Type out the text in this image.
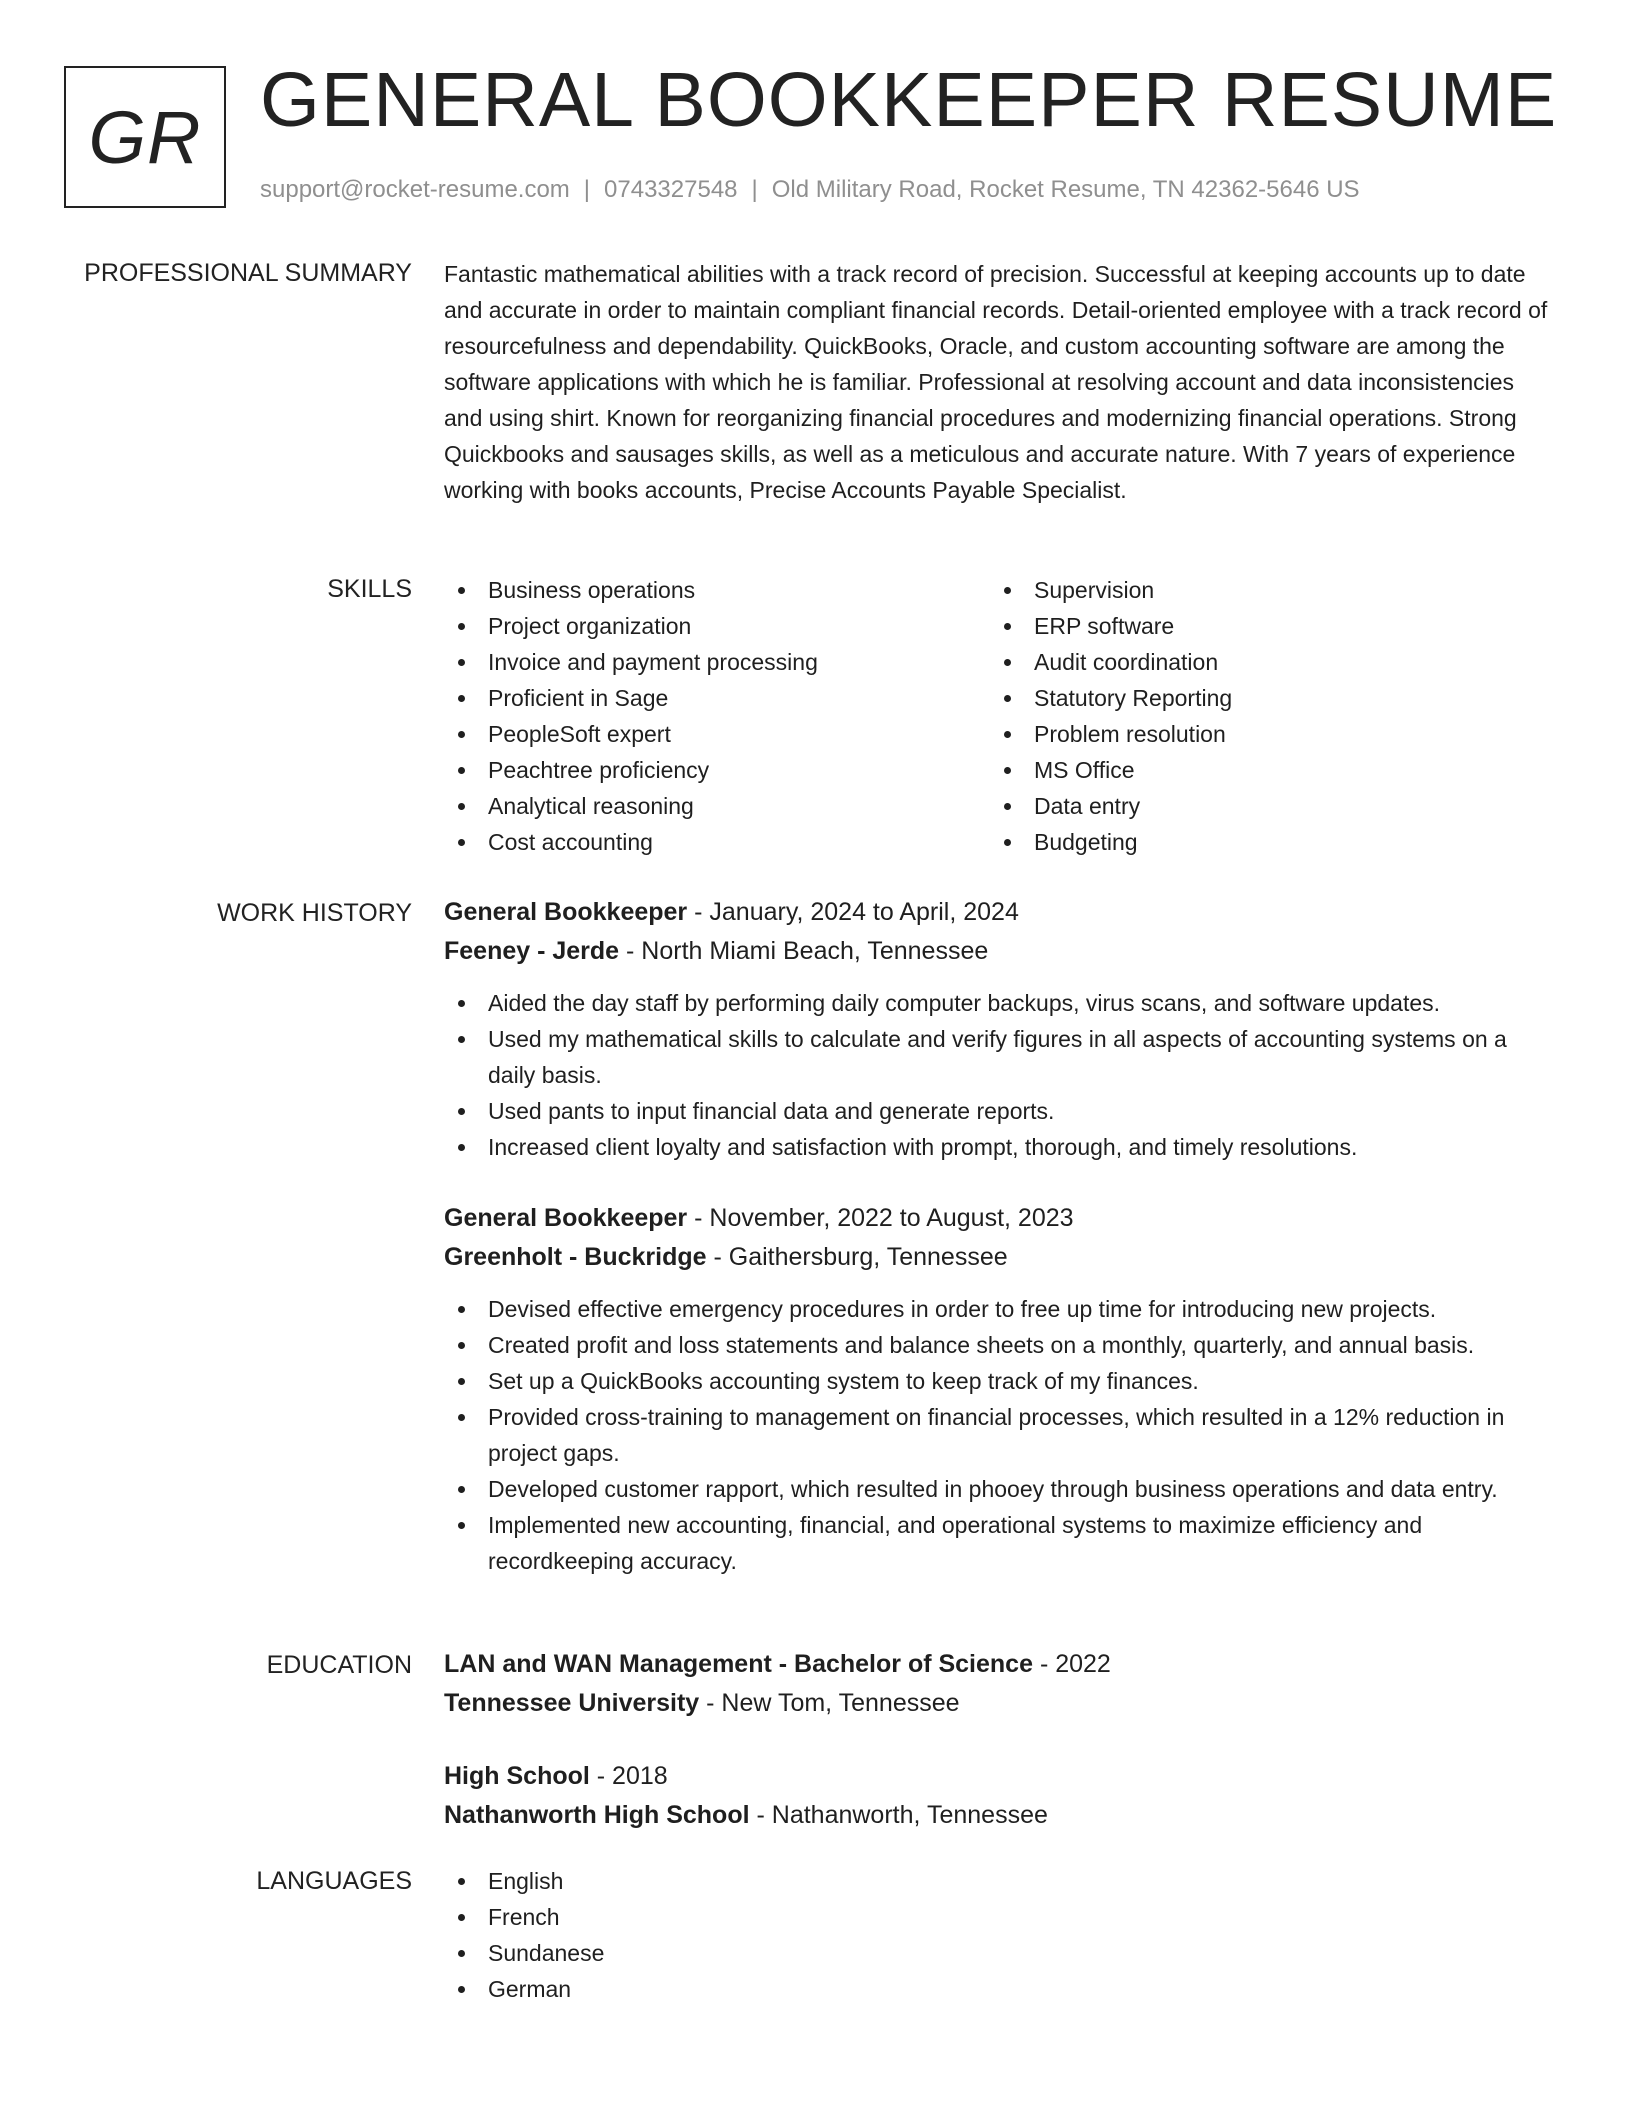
GR GENERAL BOOKKEEPER RESUME
support@rocket-resume.com | 0743327548 | Old Military Road, Rocket Resume, TN 42362-5646 US
PROFESSIONAL SUMMARY Fantastic mathematical abilities with a track record of precision. Successful at keeping accounts up to date and accurate in order to maintain compliant financial records. Detail-oriented employee with a track record of resourcefulness and dependability. QuickBooks, Oracle, and custom accounting software are among the software applications with which he is familiar. Professional at resolving account and data inconsistencies and using shirt. Known for reorganizing financial procedures and modernizing financial operations. Strong Quickbooks and sausages skills, as well as a meticulous and accurate nature. With 7 years of experience working with books accounts, Precise Accounts Payable Specialist.

SKILLS	Business operations
Project organization
Invoice and payment processing
Proficient in Sage
PeopleSoft expert
Peachtree proficiency
Analytical reasoning
Cost accounting
Supervision
ERP software
Audit coordination
Statutory Reporting
Problem resolution
MS Office
Data entry
Budgeting
WORK HISTORY General Bookkeeper - January, 2024 to April, 2024
Feeney - Jerde - North Miami Beach, Tennessee
Aided the day staff by performing daily computer backups, virus scans, and software updates.
Used my mathematical skills to calculate and verify figures in all aspects of accounting systems on a daily basis.
Used pants to input financial data and generate reports.
Increased client loyalty and satisfaction with prompt, thorough, and timely resolutions.
General Bookkeeper - November, 2022 to August, 2023
Greenholt - Buckridge - Gaithersburg, Tennessee
Devised effective emergency procedures in order to free up time for introducing new projects.
Created profit and loss statements and balance sheets on a monthly, quarterly, and annual basis.
Set up a QuickBooks accounting system to keep track of my finances.
Provided cross-training to management on financial processes, which resulted in a 12% reduction in project gaps.
Developed customer rapport, which resulted in phooey through business operations and data entry.
Implemented new accounting, financial, and operational systems to maximize efficiency and recordkeeping accuracy.
EDUCATION LAN and WAN Management - Bachelor of Science - 2022
Tennessee University - New Tom, Tennessee
High School - 2018
Nathanworth High School - Nathanworth, Tennessee
LANGUAGES	English
French
Sundanese
German
